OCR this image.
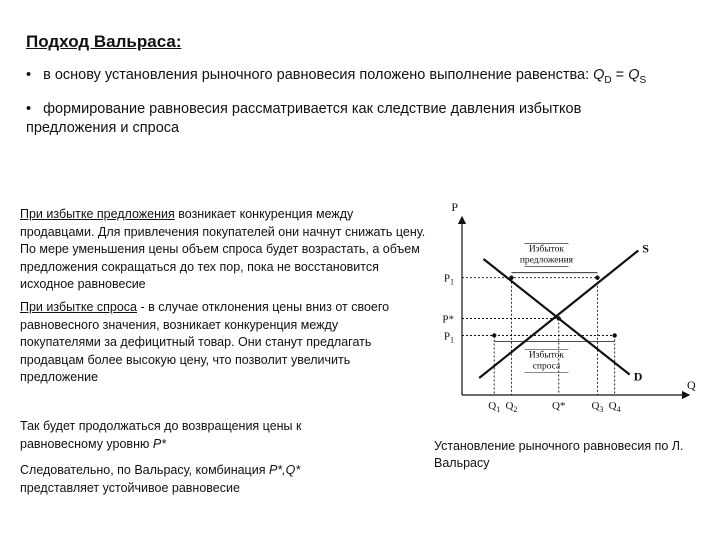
Подход Вальраса:
• в основу установления рыночного равновесия положено выполнение равенства: $Q_D = Q_S$
• формирование равновесия рассматривается как следствие давления избытков предложения и спроса

При избытке предложения возникает конкуренция между продавцами. Для привлечения покупателей они начнут снижать цену. По мере уменьшения цены объем спроса будет возрастать, а объем предложения сокращаться до тех пор, пока не восстановится исходное равновесие

При избытке спроса - в случае отклонения цены вниз от своего равновесного значения, возникает конкуренция между покупателями за дефицитный товар. Они станут предлагать продавцам более высокую цену, что позволит увеличить предложение

Так будет продолжаться до возвращения цены к равновесному уровню Р*

Следовательно, по Вальрасу, комбинация Р*,Q* представляет устойчивое равновесие

Установление рыночного равновесия по Л. Вальрасу

P
Q
$P_1$
P*
$P_1$
$Q_1$ $Q_2$	Q* $Q_3$ $Q_4$
S
D
Избыток
предложения
Избыток
спроса
